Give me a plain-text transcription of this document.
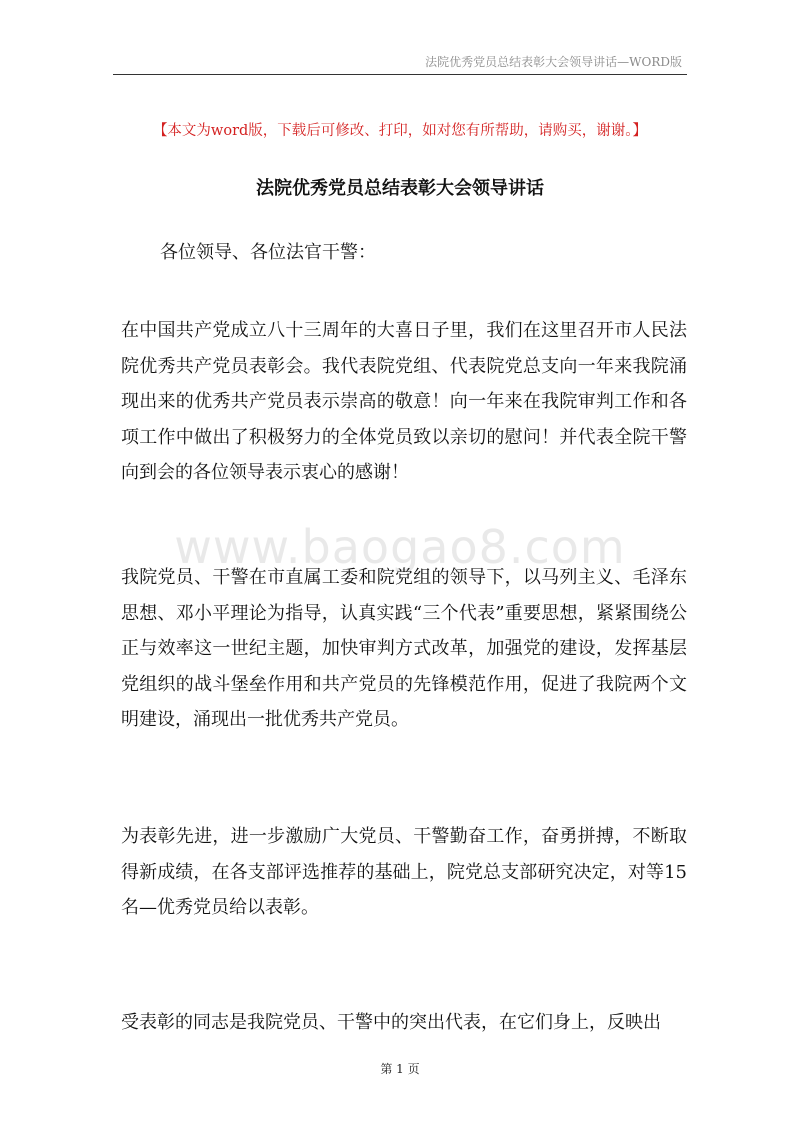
法院优秀党员总结表彰大会领导讲话—WORD版
【本文为word版，下载后可修改、打印，如对您有所帮助，请购买，谢谢。】
法院优秀党员总结表彰大会领导讲话
各位领导、各位法官干警：

在中国共产党成立八十三周年的大喜日子里，我们在这里召开市人民法院优秀共产党员表彰会。我代表院党组、代表院党总支向一年来我院涌现出来的优秀共产党员表示崇高的敬意！向一年来在我院审判工作和各项工作中做出了积极努力的全体党员致以亲切的慰问！并代表全院干警向到会的各位领导表示衷心的感谢！

www.baogao8.com

我院党员、干警在市直属工委和院党组的领导下，以马列主义、毛泽东思想、邓小平理论为指导，认真实践“三个代表”重要思想，紧紧围绕公正与效率这一世纪主题，加快审判方式改革，加强党的建设，发挥基层党组织的战斗堡垒作用和共产党员的先锋模范作用，促进了我院两个文明建设，涌现出一批优秀共产党员。

为表彰先进，进一步激励广大党员、干警勤奋工作，奋勇拼搏，不断取得新成绩，在各支部评选推荐的基础上，院党总支部研究决定，对等15名—优秀党员给以表彰。

受表彰的同志是我院党员、干警中的突出代表，在它们身上，反映出

第 1 页
